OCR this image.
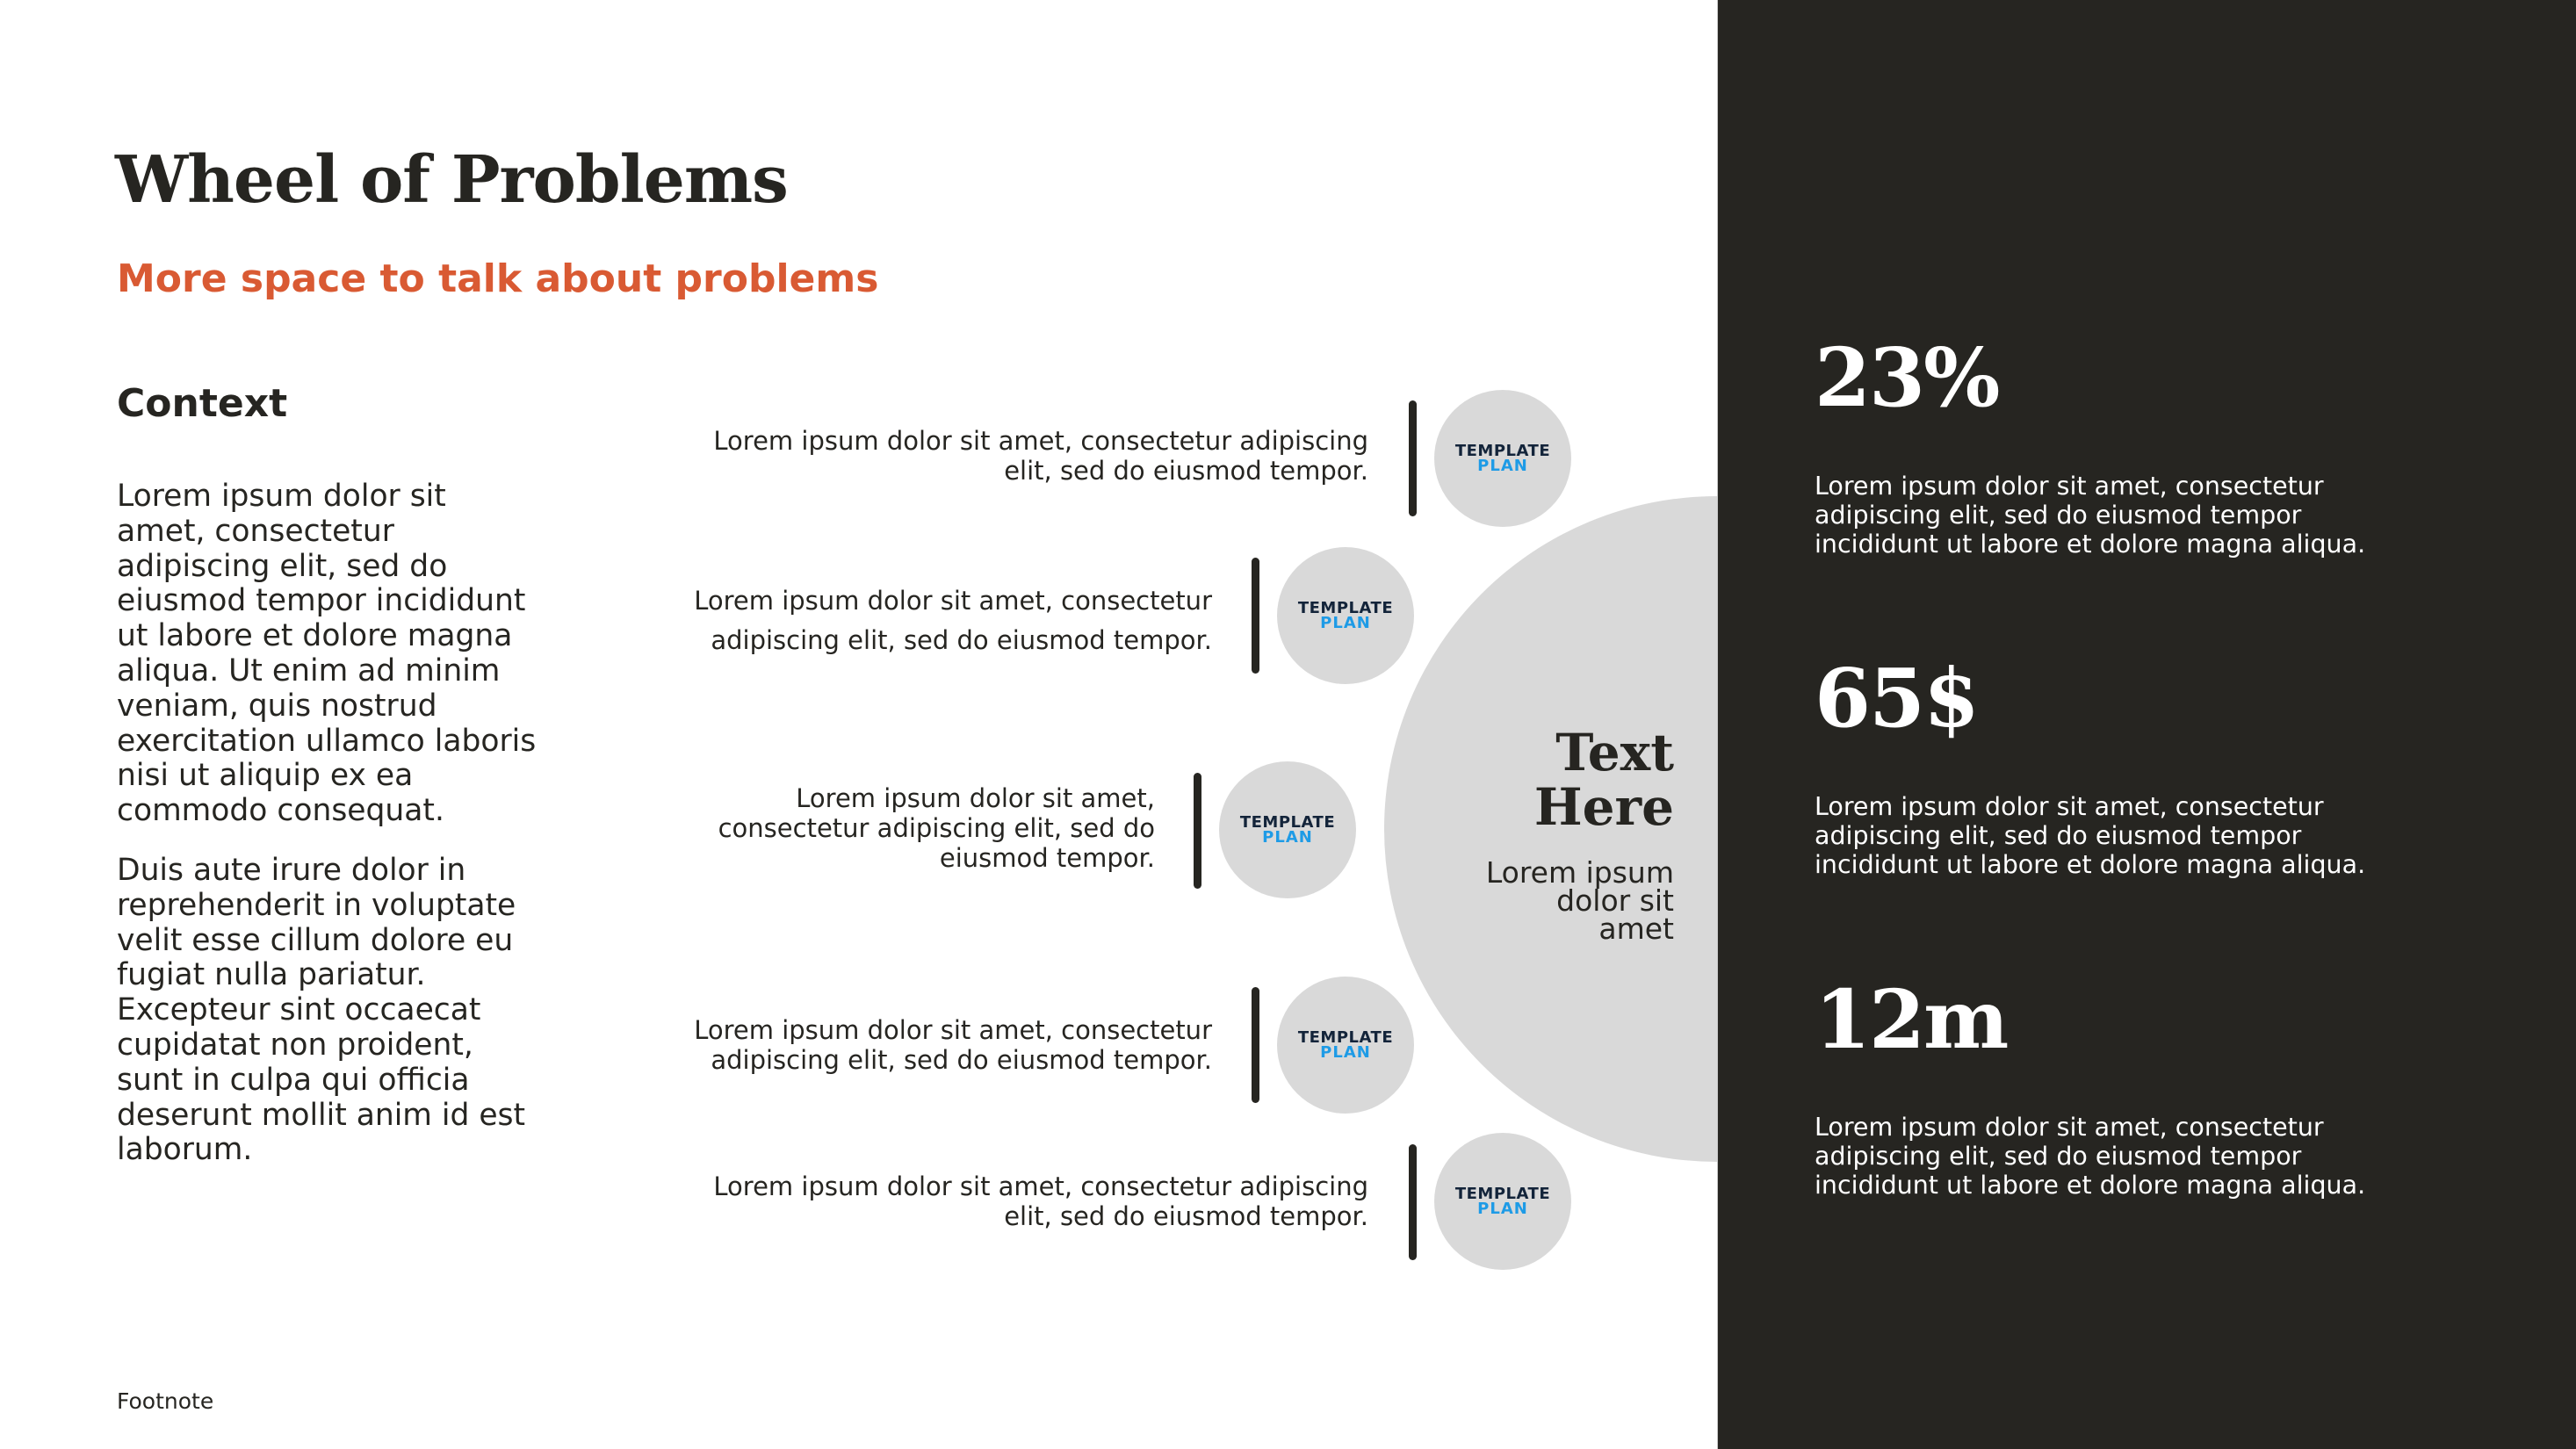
Wheel of Problems
More space to talk about problems
Context

Lorem ipsum dolor sit amet, consectetur adipiscing elit, sed do eiusmod tempor incididunt ut labore et dolore magna aliqua. Ut enim ad minim veniam, quis nostrud exercitation ullamco laboris nisi ut aliquip ex ea commodo consequat.

Duis aute irure dolor in reprehenderit in voluptate velit esse cillum dolore eu fugiat nulla pariatur. Excepteur sint occaecat cupidatat non proident, sunt in culpa qui officia deserunt mollit anim id est laborum.

Footnote
Text
Here
Lorem ipsum
dolor sit
amet
Lorem ipsum dolor sit amet, consectetur adipiscing
elit, sed do eiusmod tempor.
TEMPLATE
PLAN
Lorem ipsum dolor sit amet, consectetur
adipiscing elit, sed do eiusmod tempor.
TEMPLATE
PLAN
Lorem ipsum dolor sit amet,
consectetur adipiscing elit, sed do
eiusmod tempor.
TEMPLATE
PLAN
Lorem ipsum dolor sit amet, consectetur
adipiscing elit, sed do eiusmod tempor.
TEMPLATE
PLAN
Lorem ipsum dolor sit amet, consectetur adipiscing
elit, sed do eiusmod tempor.
TEMPLATE
PLAN
23%
Lorem ipsum dolor sit amet, consectetur
adipiscing elit, sed do eiusmod tempor
incididunt ut labore et dolore magna aliqua.
65$
Lorem ipsum dolor sit amet, consectetur
adipiscing elit, sed do eiusmod tempor
incididunt ut labore et dolore magna aliqua.
12m
Lorem ipsum dolor sit amet, consectetur
adipiscing elit, sed do eiusmod tempor
incididunt ut labore et dolore magna aliqua.
